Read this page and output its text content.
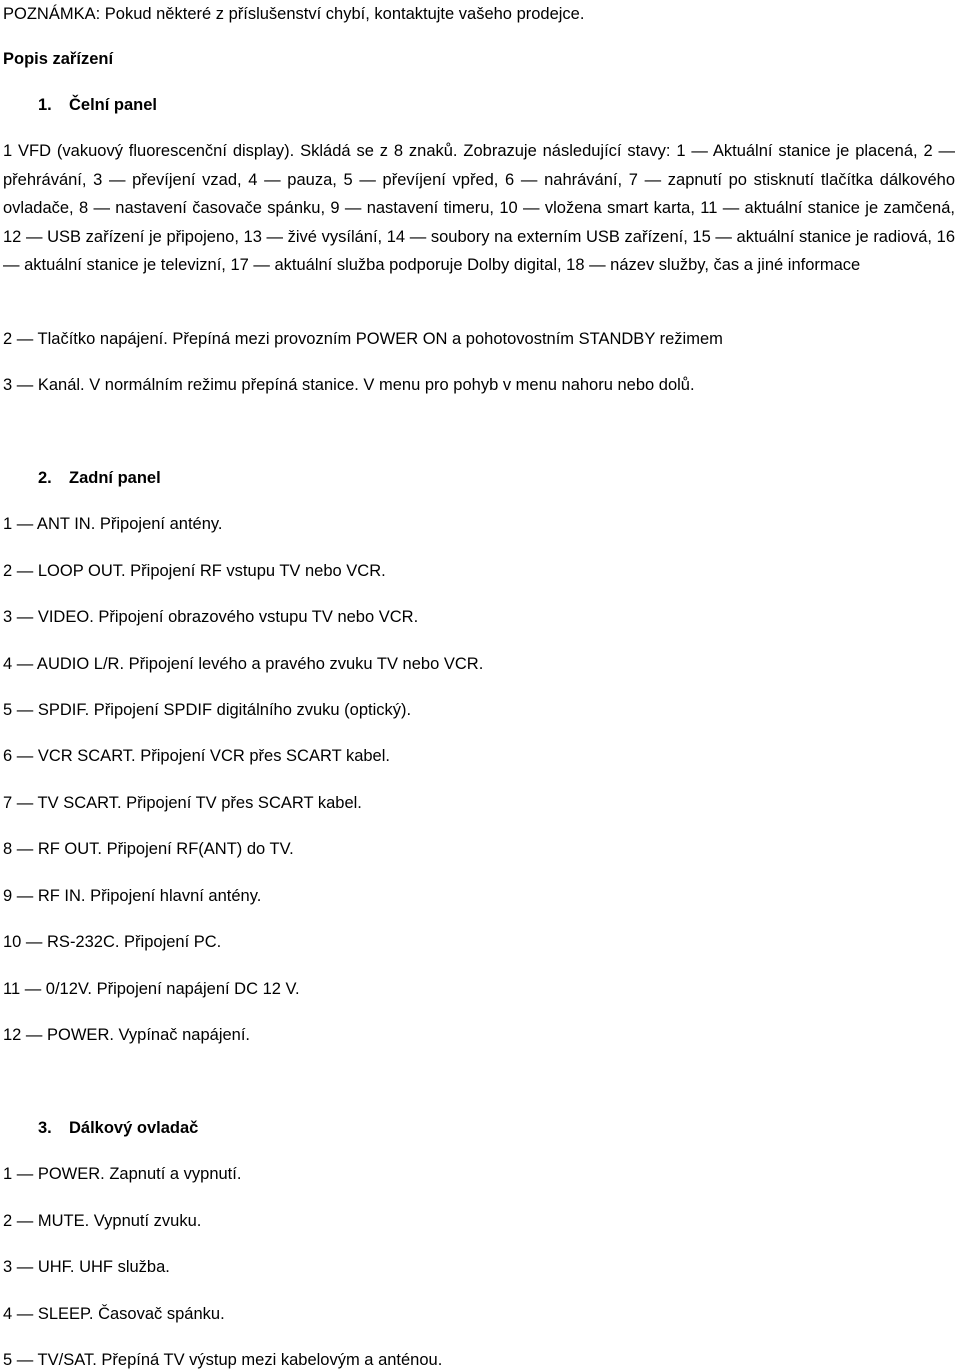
POZNÁMKA: Pokud některé z příslušenství chybí, kontaktujte vašeho prodejce.
Popis zařízení
1. Čelní panel
1 VFD (vakuový fluorescenční display). Skládá se z 8 znaků. Zobrazuje následující stavy: 1 — Aktuální stanice je placená, 2 — přehrávání, 3 — převíjení vzad, 4 — pauza, 5 — převíjení vpřed, 6 — nahrávání, 7 — zapnutí po stisknutí tlačítka dálkového ovladače, 8 — nastavení časovače spánku, 9 — nastavení timeru, 10 — vložena smart karta, 11 — aktuální stanice je zamčená, 12 — USB zařízení je připojeno, 13 — živé vysílání, 14 — soubory na externím USB zařízení, 15 — aktuální stanice je radiová, 16 — aktuální stanice je televizní, 17 — aktuální služba podporuje Dolby digital, 18 — název služby, čas a jiné informace
2 — Tlačítko napájení. Přepíná mezi provozním POWER ON a pohotovostním STANDBY režimem
3 — Kanál. V normálním režimu přepíná stanice. V menu pro pohyb v menu nahoru nebo dolů.
2. Zadní panel
1 — ANT IN. Připojení antény.
2 — LOOP OUT. Připojení RF vstupu TV nebo VCR.
3 — VIDEO. Připojení obrazového vstupu TV nebo VCR.
4 — AUDIO L/R. Připojení levého a pravého zvuku TV nebo VCR.
5 — SPDIF. Připojení SPDIF digitálního zvuku (optický).
6 — VCR SCART. Připojení VCR přes SCART kabel.
7 — TV SCART. Připojení TV přes SCART kabel.
8 — RF OUT. Připojení RF(ANT) do TV.
9 — RF IN. Připojení hlavní antény.
10 — RS-232C. Připojení PC.
11 — 0/12V. Připojení napájení DC 12 V.
12 — POWER. Vypínač napájení.
3. Dálkový ovladač
1 — POWER. Zapnutí a vypnutí.
2 — MUTE. Vypnutí zvuku.
3 — UHF. UHF služba.
4 — SLEEP. Časovač spánku.
5 — TV/SAT. Přepíná TV výstup mezi kabelovým a anténou.
